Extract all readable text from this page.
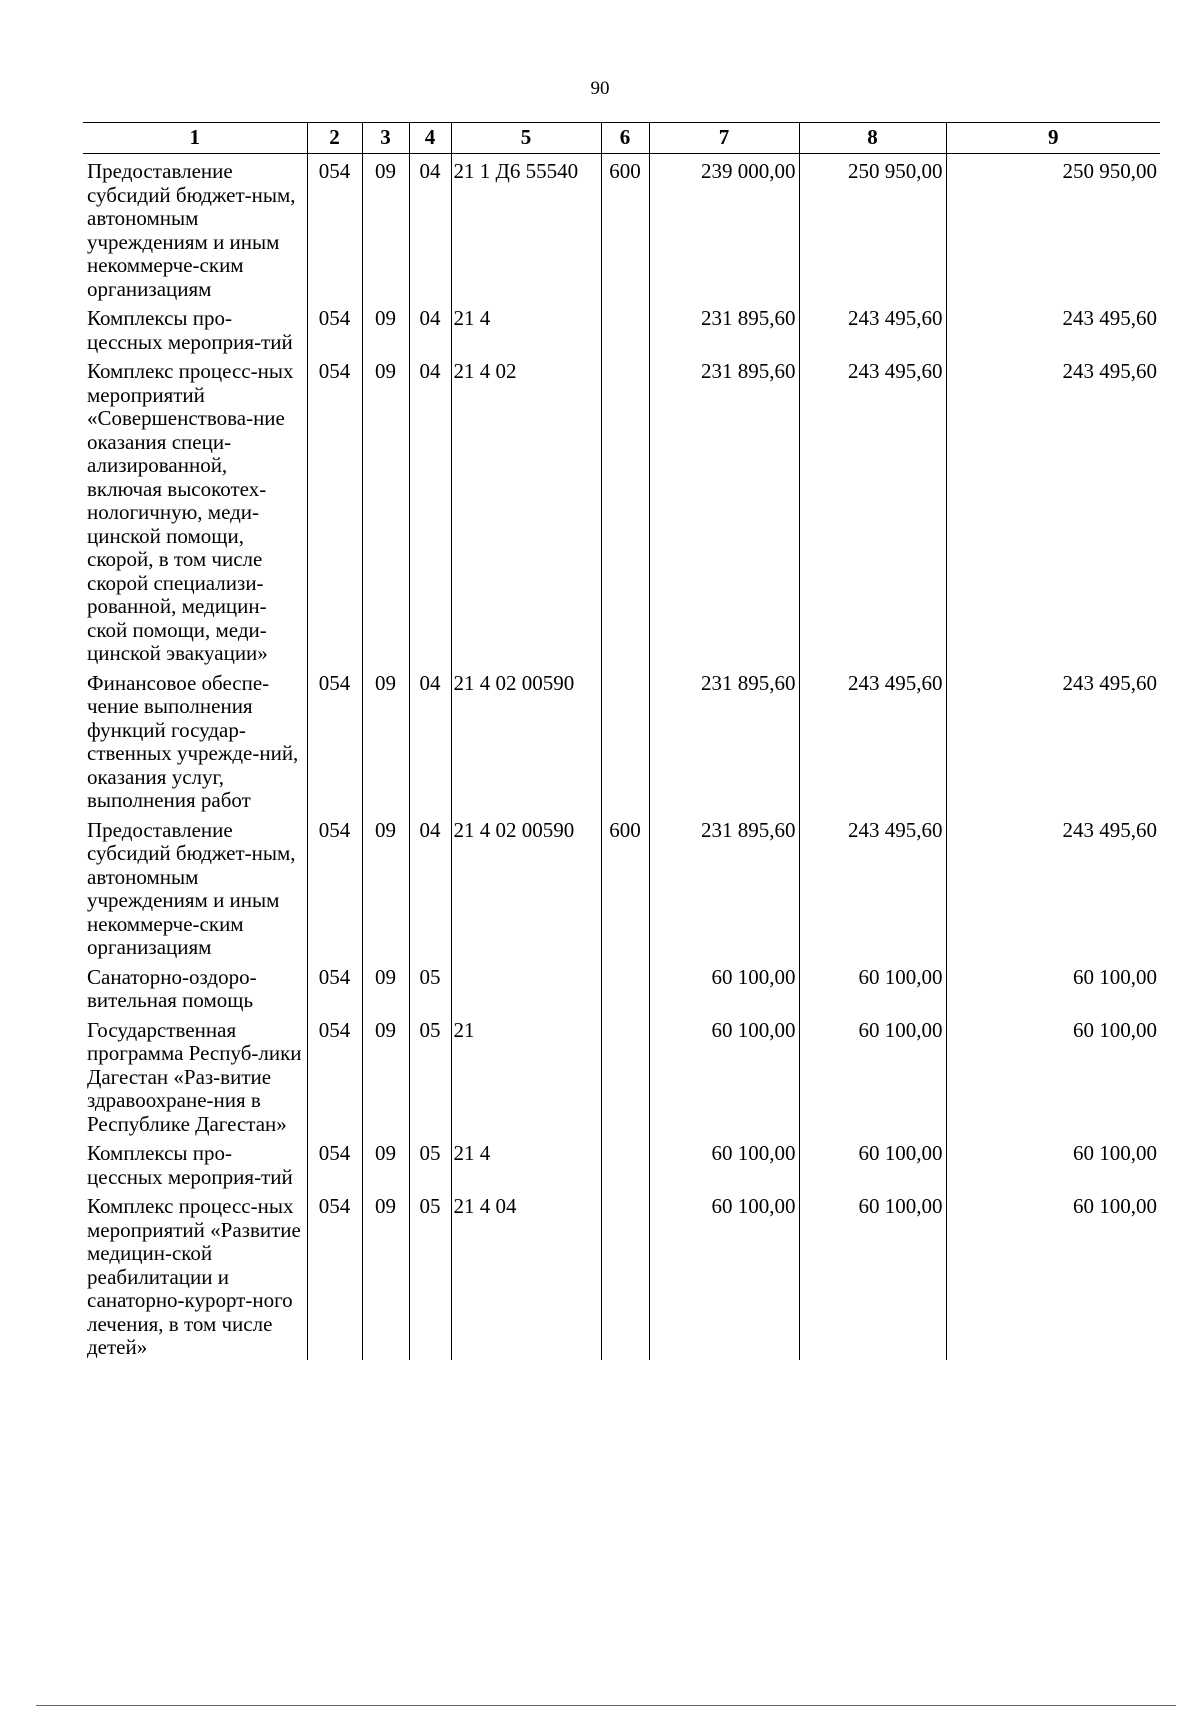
90
1	2	3	4	5	6	7	8	9
Предоставление субсидий бюджет-ным, автономным учреждениям и иным некоммерче-ским организациям	054	09	04	21 1 Д6 55540	600	239 000,00	250 950,00	250 950,00
Комплексы про-цессных мероприя-тий	054	09	04	21 4		231 895,60	243 495,60	243 495,60
Комплекс процесс-ных мероприятий «Совершенствова-ние оказания специ-ализированной, включая высокотех-нологичную, меди-цинской помощи, скорой, в том числе скорой специализи-рованной, медицин-ской помощи, меди-цинской эвакуации»	054	09	04	21 4 02		231 895,60	243 495,60	243 495,60
Финансовое обеспе-чение выполнения функций государ-ственных учрежде-ний, оказания услуг, выполнения работ	054	09	04	21 4 02 00590		231 895,60	243 495,60	243 495,60
Предоставление субсидий бюджет-ным, автономным учреждениям и иным некоммерче-ским организациям	054	09	04	21 4 02 00590	600	231 895,60	243 495,60	243 495,60
Санаторно-оздоро-вительная помощь	054	09	05			60 100,00	60 100,00	60 100,00
Государственная программа Респуб-лики Дагестан «Раз-витие здравоохране-ния в Республике Дагестан»	054	09	05	21		60 100,00	60 100,00	60 100,00
Комплексы про-цессных мероприя-тий	054	09	05	21 4		60 100,00	60 100,00	60 100,00
Комплекс процесс-ных мероприятий «Развитие медицин-ской реабилитации и санаторно-курорт-ного лечения, в том числе детей»	054	09	05	21 4 04		60 100,00	60 100,00	60 100,00
